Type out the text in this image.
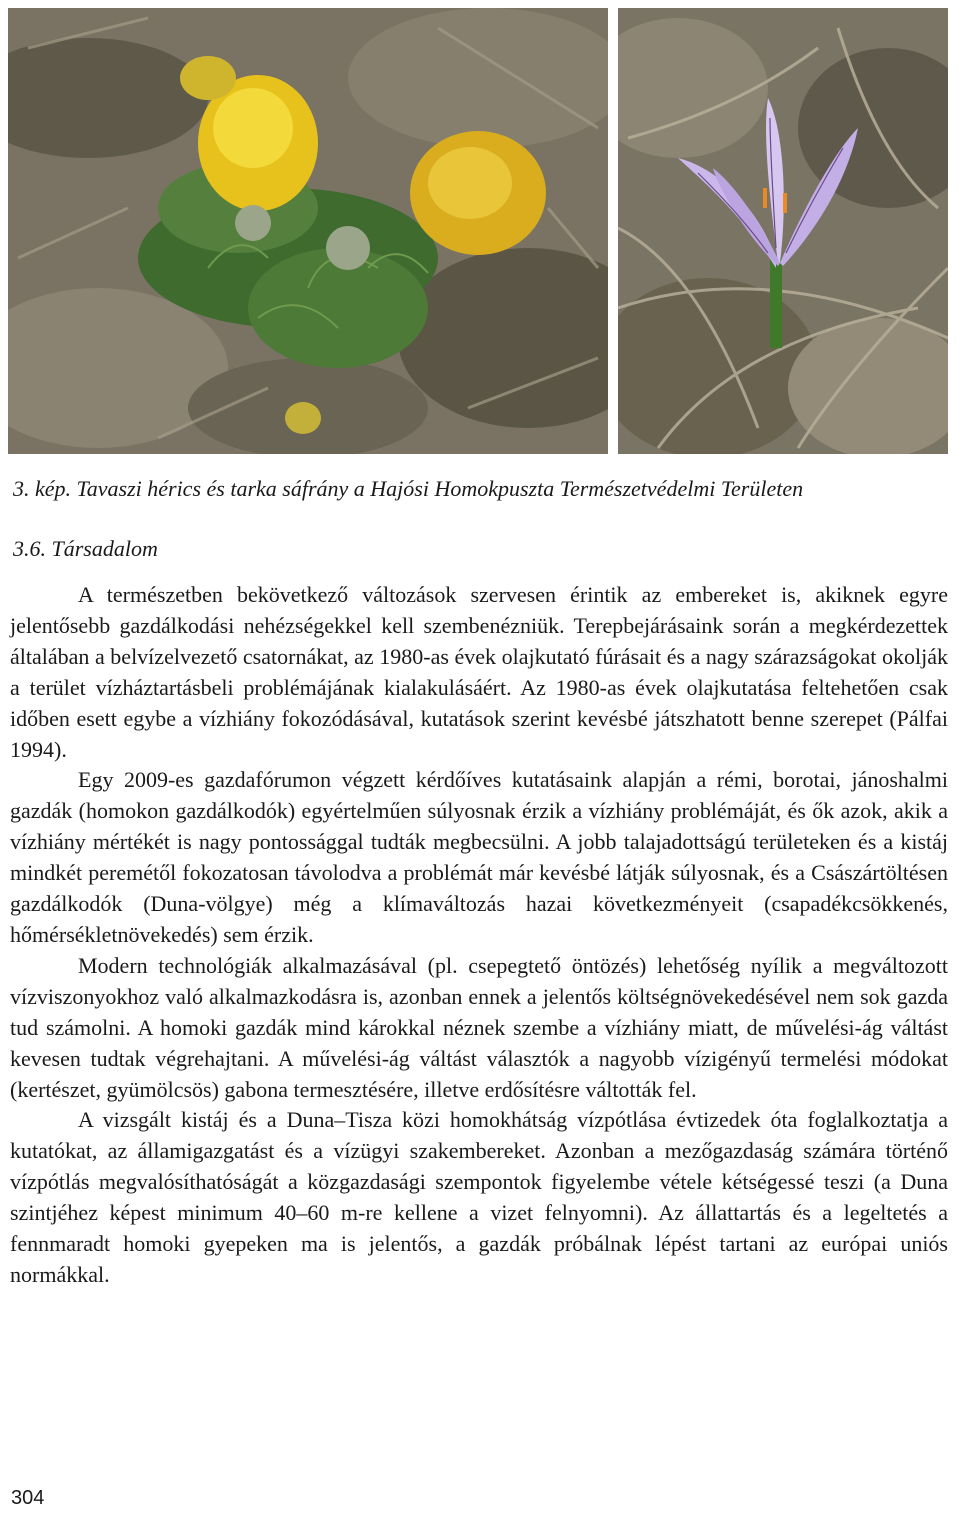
3. kép. Tavaszi hérics és tarka sáfrány a Hajósi Homokpuszta Természetvédelmi Területen
3.6. Társadalom

A természetben bekövetkező változások szervesen érintik az embereket is, akiknek egyre jelentősebb gazdálkodási nehézségekkel kell szembenézniük. Terepbejárásaink során a megkérdezettek általában a belvízelvezető csatornákat, az 1980-as évek olajkutató fúrásait és a nagy szárazságokat okolják a terület vízháztartásbeli problémájának kialakulásáért. Az 1980-as évek olajkutatása feltehetően csak időben esett egybe a vízhiány fokozódásával, kutatások szerint kevésbé játszhatott benne szerepet (Pálfai 1994).

Egy 2009-es gazdafórumon végzett kérdőíves kutatásaink alapján a rémi, borotai, jánoshalmi gazdák (homokon gazdálkodók) egyértelműen súlyosnak érzik a vízhiány problémáját, és ők azok, akik a vízhiány mértékét is nagy pontossággal tudták megbecsülni. A jobb talajadottságú területeken és a kistáj mindkét peremétől fokozatosan távolodva a problémát már kevésbé látják súlyosnak, és a Császártöltésen gazdálkodók (Duna-völgye) még a klímaváltozás hazai következményeit (csapadékcsökkenés, hőmérsékletnövekedés) sem érzik.

Modern technológiák alkalmazásával (pl. csepegtető öntözés) lehetőség nyílik a megváltozott vízviszonyokhoz való alkalmazkodásra is, azonban ennek a jelentős költségnövekedésével nem sok gazda tud számolni. A homoki gazdák mind károkkal néznek szembe a vízhiány miatt, de művelési-ág váltást kevesen tudtak végrehajtani. A művelési-ág váltást választók a nagyobb vízigényű termelési módokat (kertészet, gyümölcsös) gabona termesztésére, illetve erdősítésre váltották fel.

A vizsgált kistáj és a Duna–Tisza közi homokhátság vízpótlása évtizedek óta foglalkoztatja a kutatókat, az államigazgatást és a vízügyi szakembereket. Azonban a mezőgazdaság számára történő vízpótlás megvalósíthatóságát a közgazdasági szempontok figyelembe vétele kétségessé teszi (a Duna szintjéhez képest minimum 40–60 m-re kellene a vizet felnyomni). Az állattartás és a legeltetés a fennmaradt homoki gyepeken ma is jelentős, a gazdák próbálnak lépést tartani az európai uniós normákkal.

304
